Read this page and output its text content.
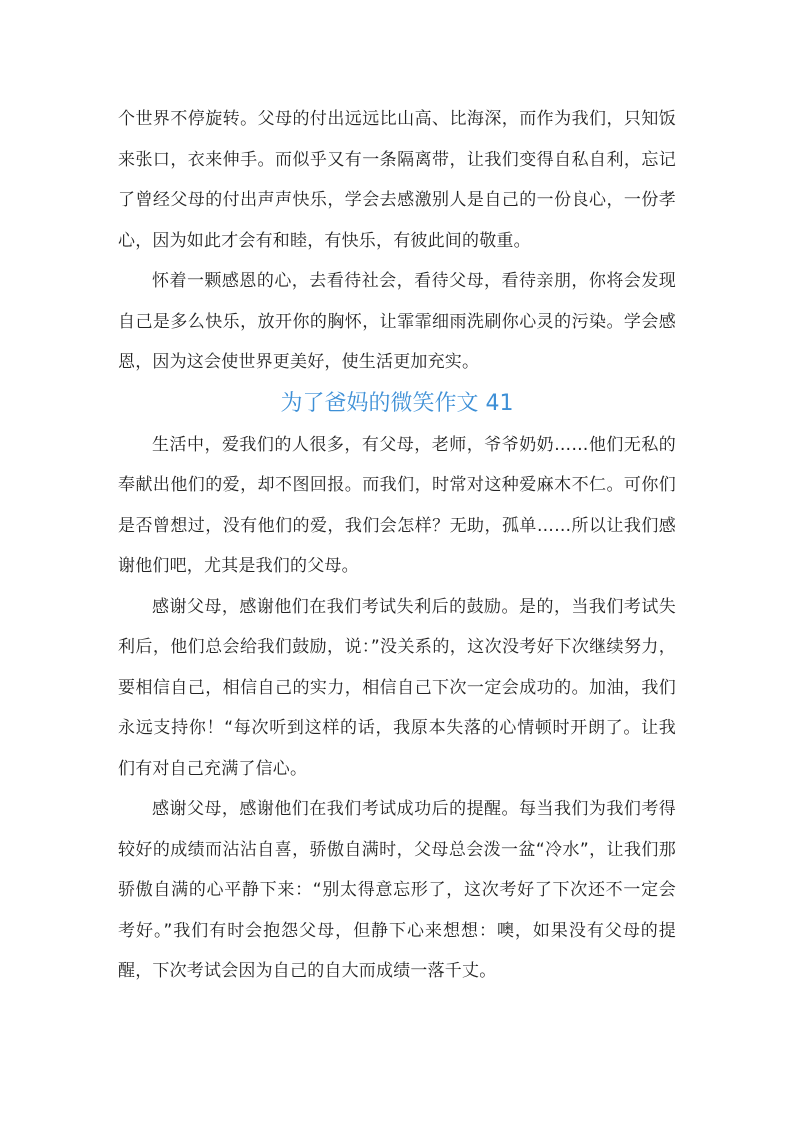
个世界不停旋转。父母的付出远远比山高、比海深，而作为我们，只知饭来张口，衣来伸手。而似乎又有一条隔离带，让我们变得自私自利，忘记了曾经父母的付出声声快乐，学会去感激别人是自己的一份良心，一份孝心，因为如此才会有和睦，有快乐，有彼此间的敬重。

怀着一颗感恩的心，去看待社会，看待父母，看待亲朋，你将会发现自己是多么快乐，放开你的胸怀，让霏霏细雨洗刷你心灵的污染。学会感恩，因为这会使世界更美好，使生活更加充实。

为了爸妈的微笑作文 41

生活中，爱我们的人很多，有父母，老师，爷爷奶奶……他们无私的奉献出他们的爱，却不图回报。而我们，时常对这种爱麻木不仁。可你们是否曾想过，没有他们的爱，我们会怎样？无助，孤单……所以让我们感谢他们吧，尤其是我们的父母。

感谢父母，感谢他们在我们考试失利后的鼓励。是的，当我们考试失利后，他们总会给我们鼓励，说：”没关系的，这次没考好下次继续努力，要相信自己，相信自己的实力，相信自己下次一定会成功的。加油，我们永远支持你！“每次听到这样的话，我原本失落的心情顿时开朗了。让我们有对自己充满了信心。

感谢父母，感谢他们在我们考试成功后的提醒。每当我们为我们考得较好的成绩而沾沾自喜，骄傲自满时，父母总会泼一盆“冷水”，让我们那骄傲自满的心平静下来：“别太得意忘形了，这次考好了下次还不一定会考好。”我们有时会抱怨父母，但静下心来想想：噢，如果没有父母的提醒，下次考试会因为自己的自大而成绩一落千丈。
